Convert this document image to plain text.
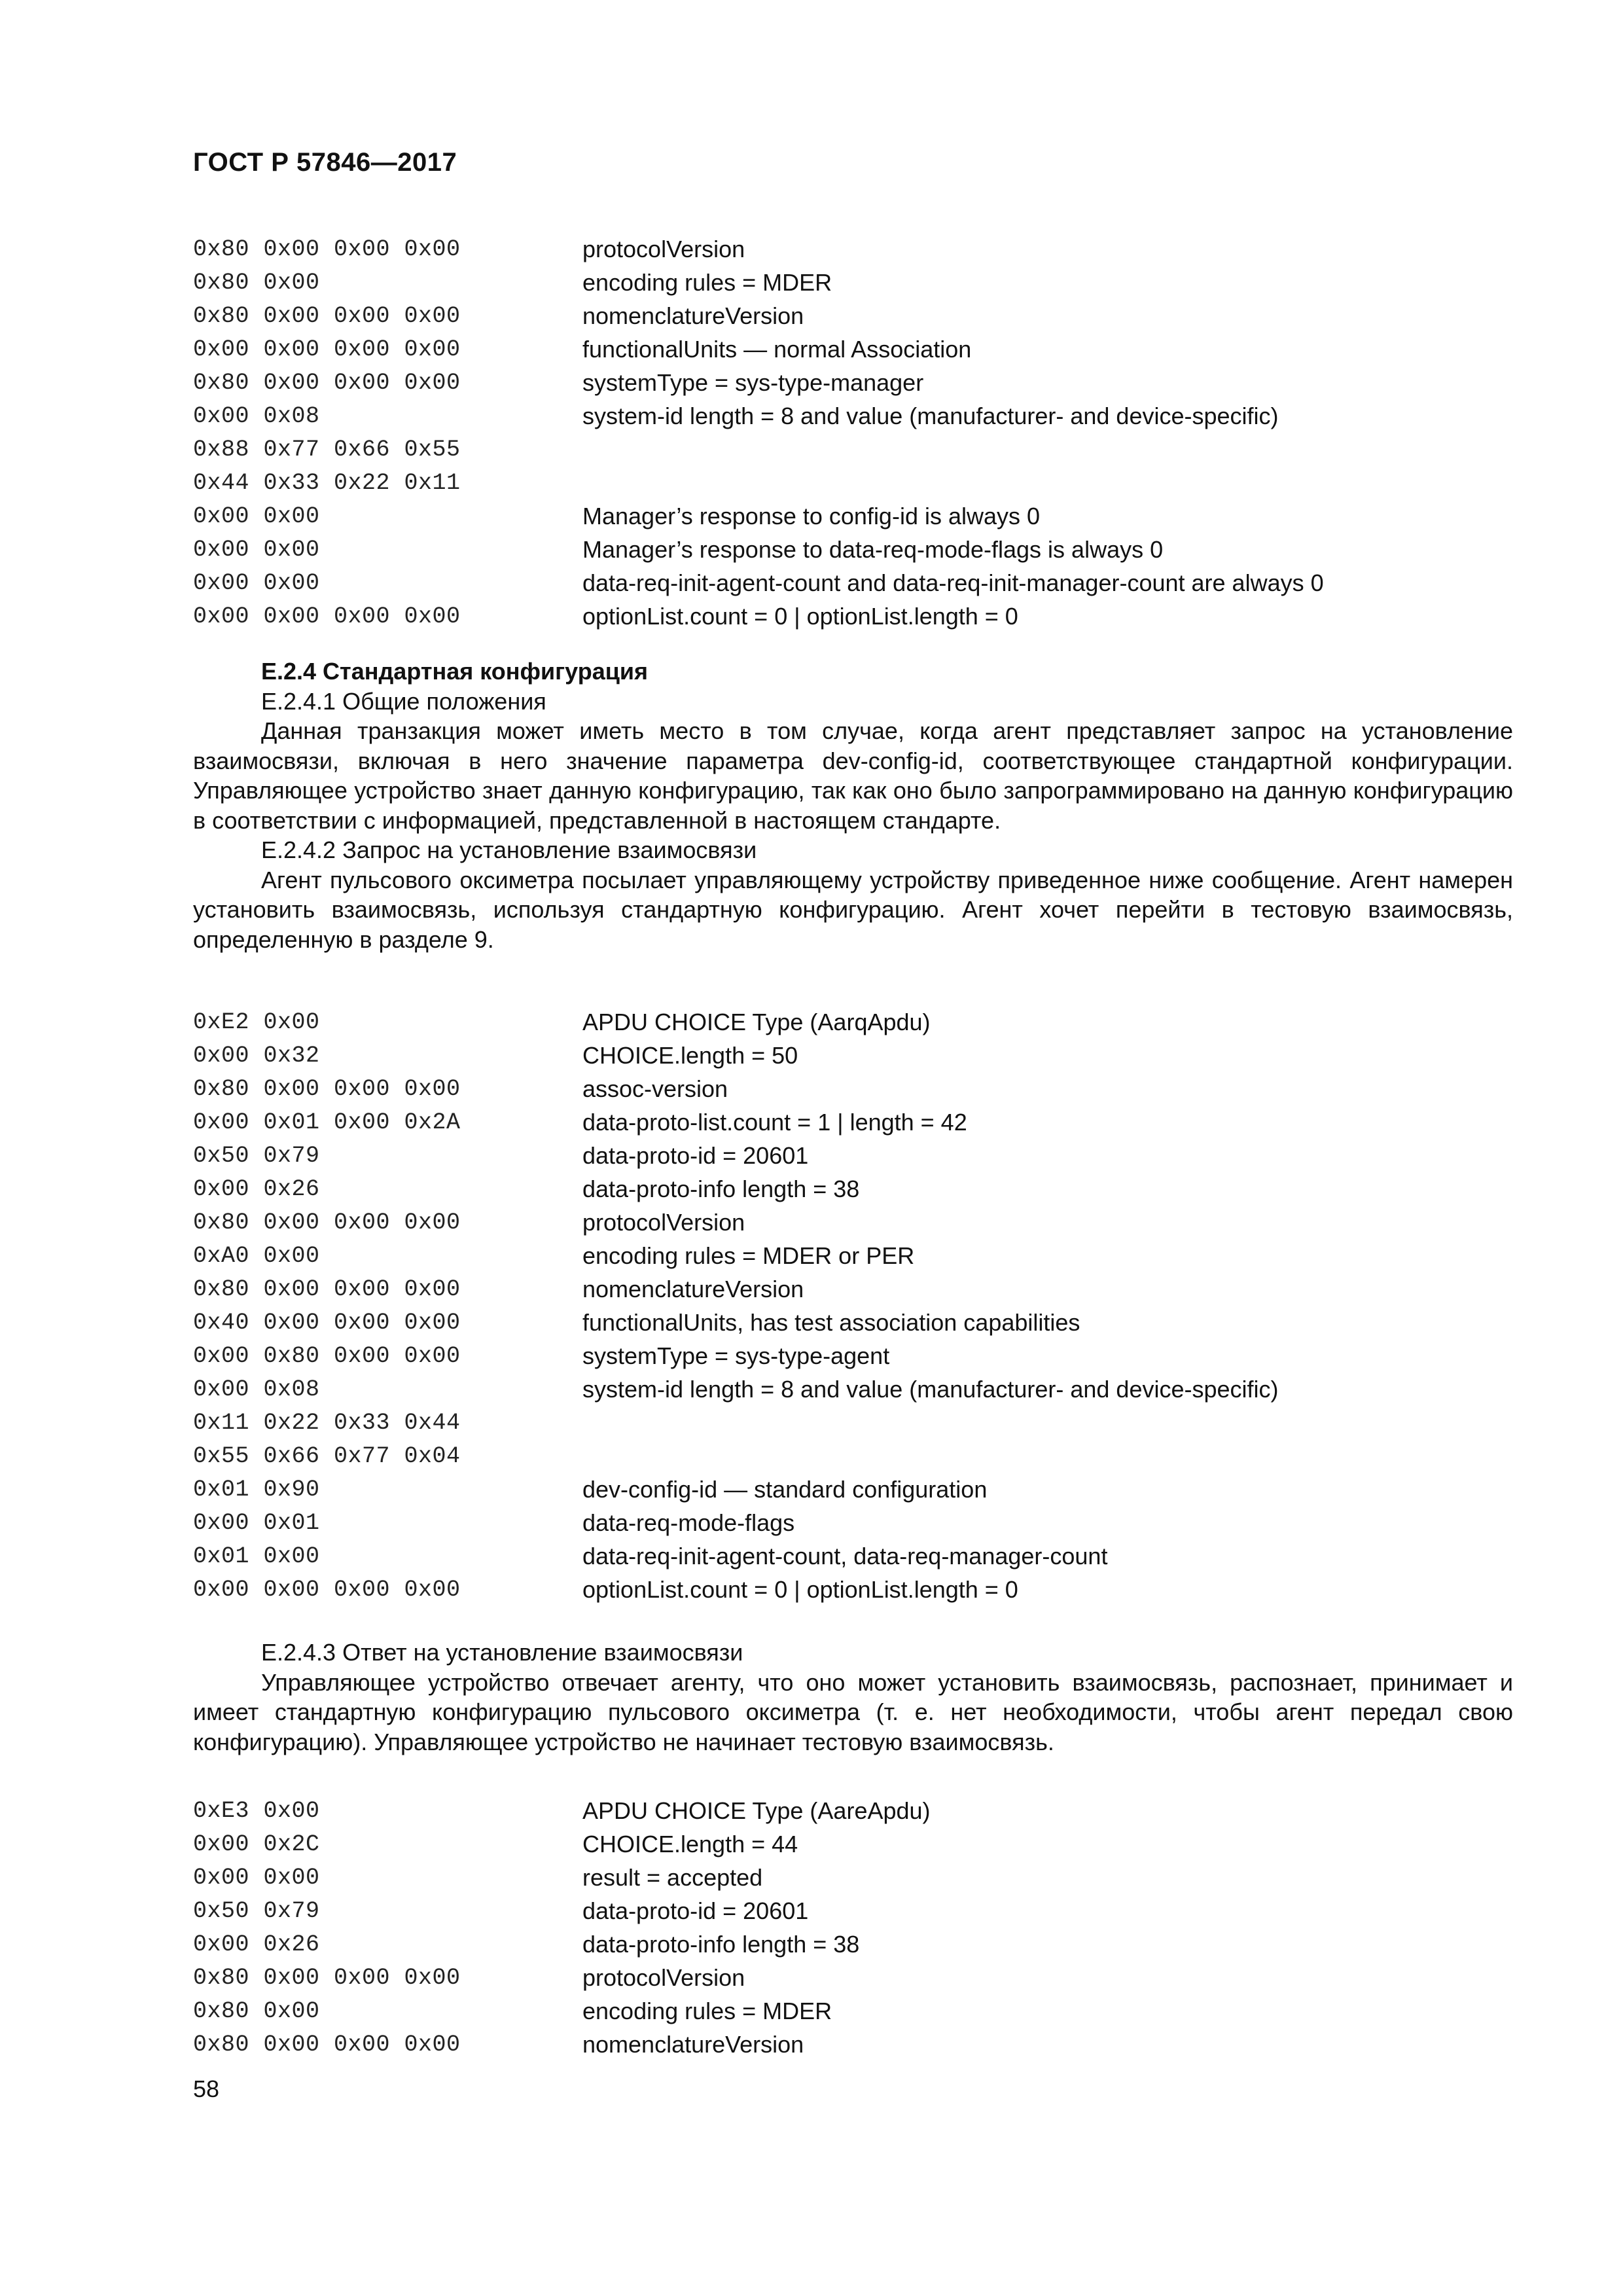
ГОСТ Р 57846—2017
0x80 0x00 0x00 0x00	protocolVersion
0x80 0x00	encoding rules = MDER
0x80 0x00 0x00 0x00	nomenclatureVersion
0x00 0x00 0x00 0x00	functionalUnits — normal Association
0x80 0x00 0x00 0x00	systemType = sys-type-manager
0x00 0x08	system-id length = 8 and value (manufacturer- and device-specific)
0x88 0x77 0x66 0x55
0x44 0x33 0x22 0x11
0x00 0x00	Manager’s response to config-id is always 0
0x00 0x00	Manager’s response to data-req-mode-flags is always 0
0x00 0x00	data-req-init-agent-count and data-req-init-manager-count are always 0
0x00 0x00 0x00 0x00	optionList.count = 0 | optionList.length = 0

E.2.4 Стандартная конфигурация

E.2.4.1 Общие положения

Данная транзакция может иметь место в том случае, когда агент представляет запрос на установление взаимосвязи, включая в него значение параметра dev-config-id, соответствующее стандартной конфигурации. Управляющее устройство знает данную конфигурацию, так как оно было запрограммировано на данную конфигурацию в соответствии с информацией, представленной в настоящем стандарте.

E.2.4.2 Запрос на установление взаимосвязи

Агент пульсового оксиметра посылает управляющему устройству приведенное ниже сообщение. Агент намерен установить взаимосвязь, используя стандартную конфигурацию. Агент хочет перейти в тестовую взаимосвязь, определенную в разделе 9.

0xE2 0x00	APDU CHOICE Type (AarqApdu)
0x00 0x32	CHOICE.length = 50
0x80 0x00 0x00 0x00	assoc-version
0x00 0x01 0x00 0x2A	data-proto-list.count = 1 | length = 42
0x50 0x79	data-proto-id = 20601
0x00 0x26	data-proto-info length = 38
0x80 0x00 0x00 0x00	protocolVersion
0xA0 0x00	encoding rules = MDER or PER
0x80 0x00 0x00 0x00	nomenclatureVersion
0x40 0x00 0x00 0x00	functionalUnits, has test association capabilities
0x00 0x80 0x00 0x00	systemType = sys-type-agent
0x00 0x08	system-id length = 8 and value (manufacturer- and device-specific)
0x11 0x22 0x33 0x44
0x55 0x66 0x77 0x04
0x01 0x90	dev-config-id — standard configuration
0x00 0x01	data-req-mode-flags
0x01 0x00	data-req-init-agent-count, data-req-manager-count
0x00 0x00 0x00 0x00	optionList.count = 0 | optionList.length = 0

E.2.4.3 Ответ на установление взаимосвязи

Управляющее устройство отвечает агенту, что оно может установить взаимосвязь, распознает, принимает и имеет стандартную конфигурацию пульсового оксиметра (т. е. нет необходимости, чтобы агент передал свою конфигурацию). Управляющее устройство не начинает тестовую взаимосвязь.

0xE3 0x00	APDU CHOICE Type (AareApdu)
0x00 0x2C	CHOICE.length = 44
0x00 0x00	result = accepted
0x50 0x79	data-proto-id = 20601
0x00 0x26	data-proto-info length = 38
0x80 0x00 0x00 0x00	protocolVersion
0x80 0x00	encoding rules = MDER
0x80 0x00 0x00 0x00	nomenclatureVersion
58
